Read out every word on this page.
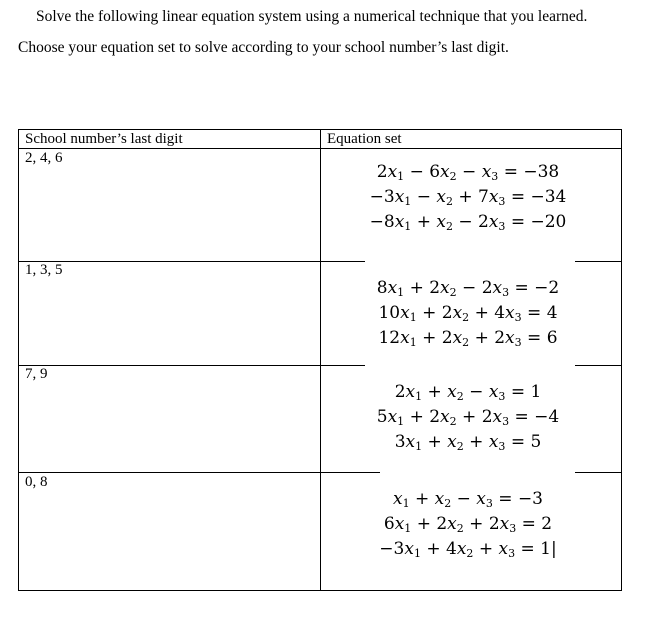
Solve the following linear equation system using a numerical technique that you learned.
Choose your equation set to solve according to your school number’s last digit.
School number’s last digit	Equation set
2, 4, 6
1, 3, 5
7, 9
0, 8
$2x_1 - 6x_2 - x_3 = -38$
$-3x_1 - x_2 + 7x_3 = -34$
$-8x_1 + x_2 - 2x_3 = -20$
$8x_1 + 2x_2 - 2x_3 = -2$
$10x_1 + 2x_2 + 4x_3 = 4$
$12x_1 + 2x_2 + 2x_3 = 6$
$2x_1 + x_2 - x_3 = 1$
$5x_1 + 2x_2 + 2x_3 = -4$
$3x_1 + x_2 + x_3 = 5$
$x_1 + x_2 - x_3 = -3$
$6x_1 + 2x_2 + 2x_3 = 2$
$-3x_1 + 4x_2 + x_3 = 1|$
